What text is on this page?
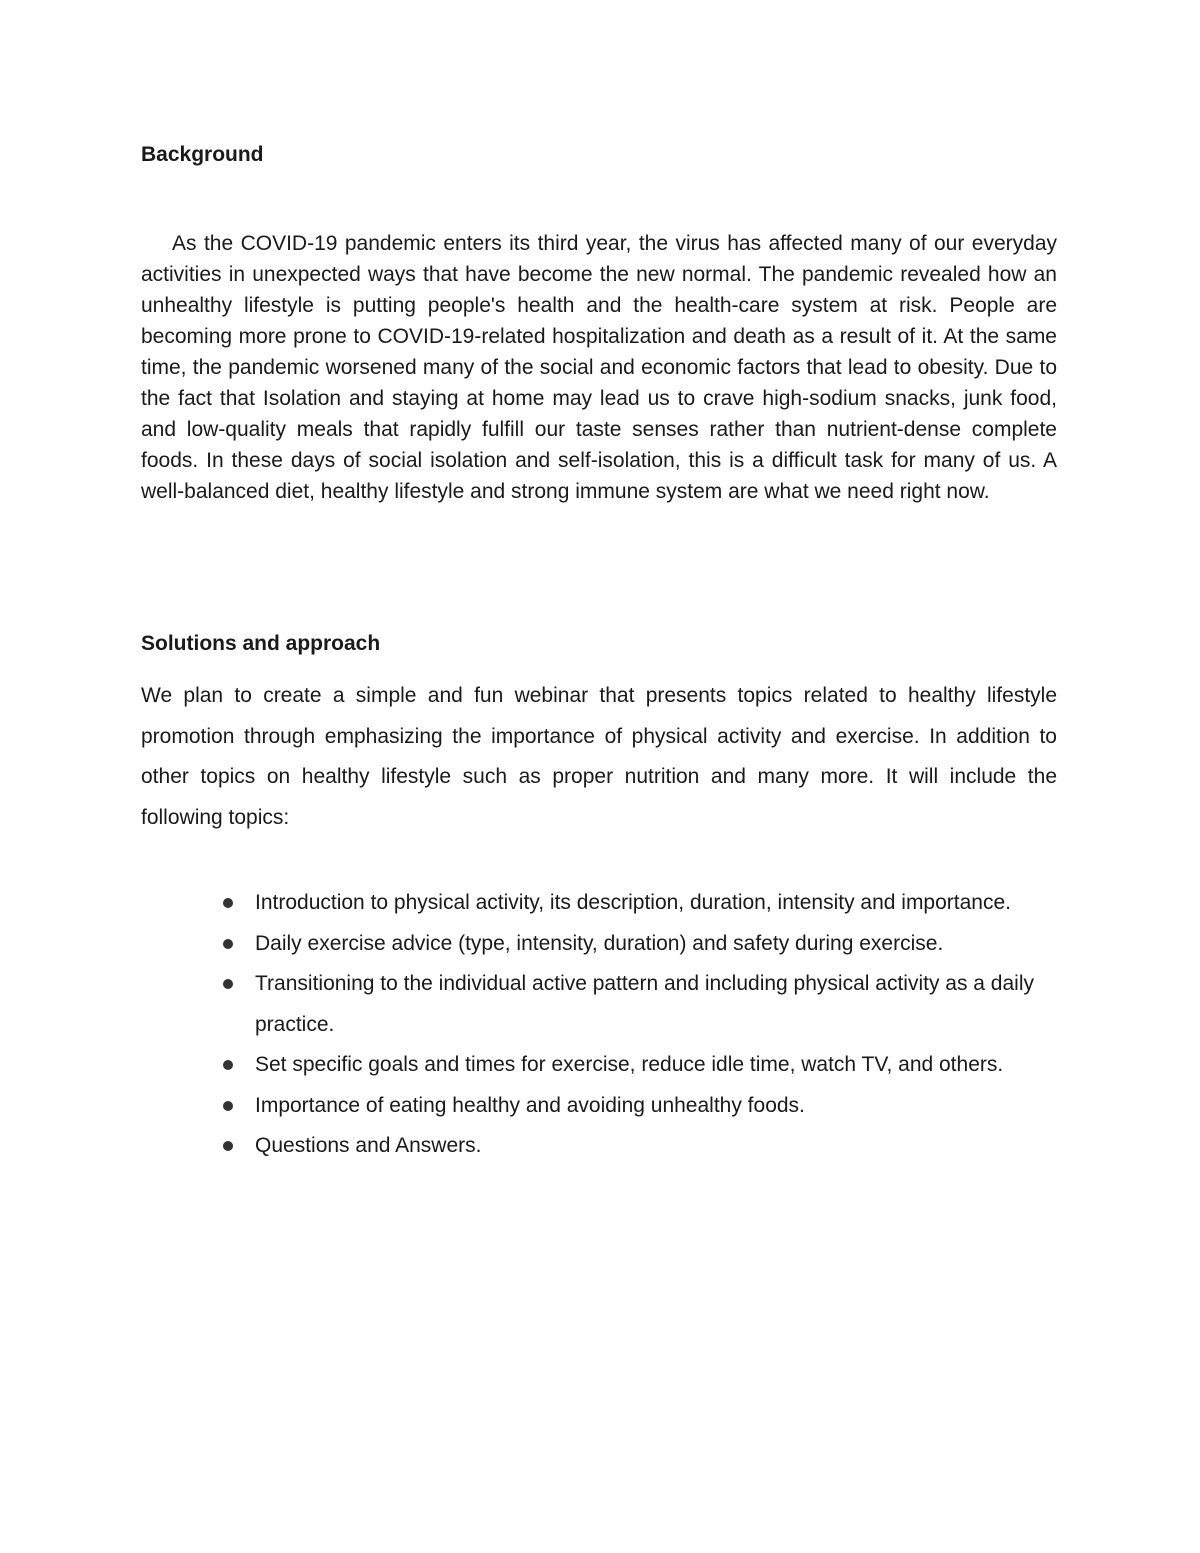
Background

As the COVID-19 pandemic enters its third year, the virus has affected many of our everyday activities in unexpected ways that have become the new normal. The pandemic revealed how an unhealthy lifestyle is putting people's health and the health-care system at risk. People are becoming more prone to COVID-19-related hospitalization and death as a result of it. At the same time, the pandemic worsened many of the social and economic factors that lead to obesity. Due to the fact that Isolation and staying at home may lead us to crave high-sodium snacks, junk food, and low-quality meals that rapidly fulfill our taste senses rather than nutrient-dense complete foods. In these days of social isolation and self-isolation, this is a difficult task for many of us. A well-balanced diet, healthy lifestyle and strong immune system are what we need right now.

Solutions and approach

We plan to create a simple and fun webinar that presents topics related to healthy lifestyle promotion through emphasizing the importance of physical activity and exercise. In addition to other topics on healthy lifestyle such as proper nutrition and many more. It will include the following topics:

Introduction to physical activity, its description, duration, intensity and importance.
Daily exercise advice (type, intensity, duration) and safety during exercise.
Transitioning to the individual active pattern and including physical activity as a daily practice.
Set specific goals and times for exercise, reduce idle time, watch TV, and others.
Importance of eating healthy and avoiding unhealthy foods.
Questions and Answers.
